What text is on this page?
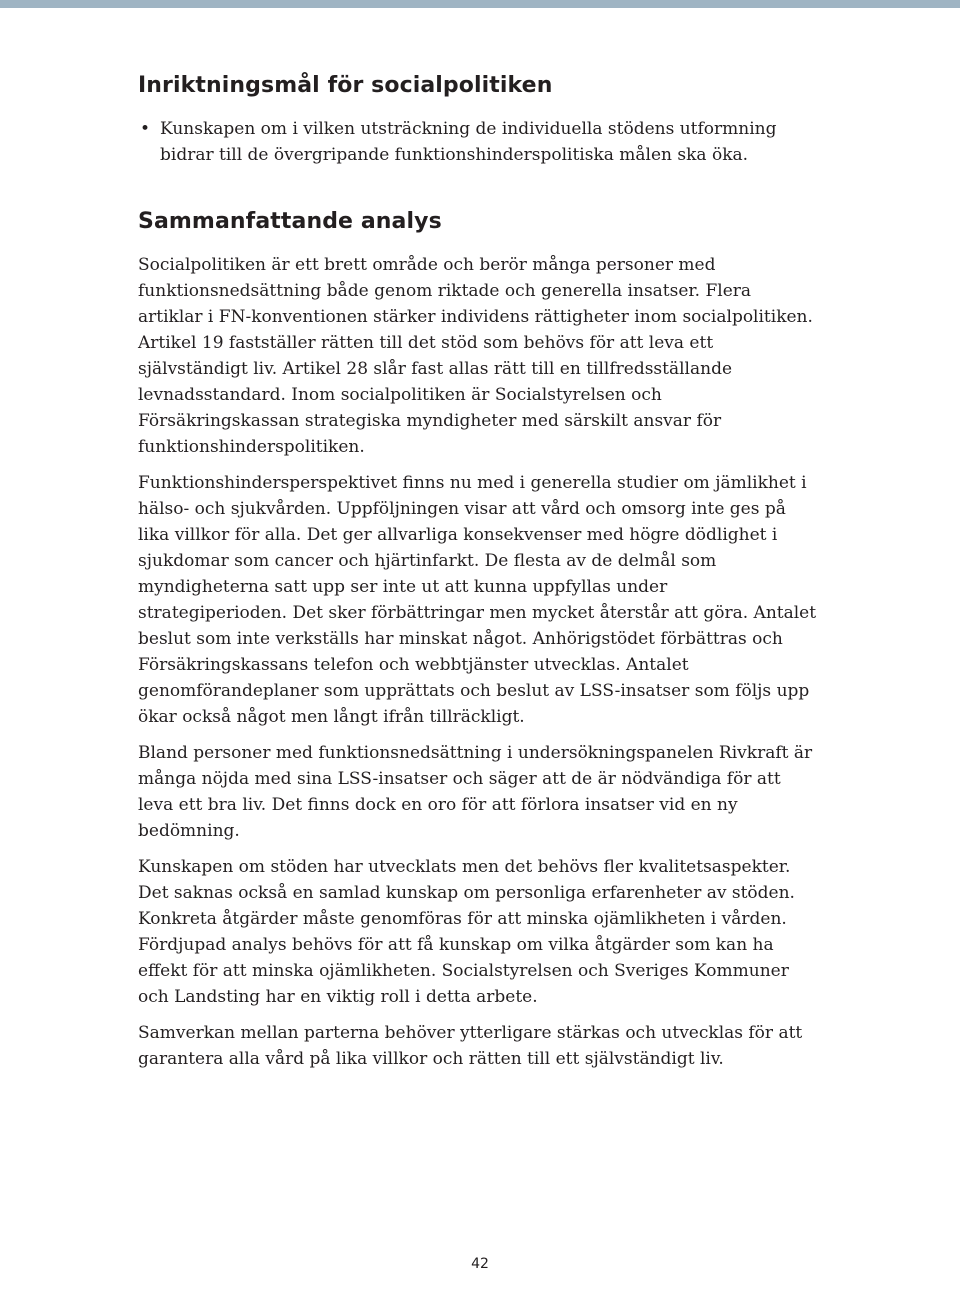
Inriktningsmål för socialpolitiken
• Kunskapen om i vilken utsträckning de individuella stödens utformning bidrar till de övergripande funktionshinderspolitiska målen ska öka.
Sammanfattande analys

Socialpolitiken är ett brett område och berör många personer med funktionsnedsättning både genom riktade och generella insatser. Flera artiklar i FN-konventionen stärker individens rättigheter inom socialpolitiken. Artikel 19 fastställer rätten till det stöd som behövs för att leva ett självständigt liv. Artikel 28 slår fast allas rätt till en tillfredsställande levnadsstandard. Inom socialpolitiken är Socialstyrelsen och Försäkringskassan strategiska myndigheter med särskilt ansvar för funktionshinderspolitiken.

Funktionshindersperspektivet finns nu med i generella studier om jämlikhet i hälso- och sjukvården. Uppföljningen visar att vård och omsorg inte ges på lika villkor för alla. Det ger allvarliga konsekvenser med högre dödlighet i sjukdomar som cancer och hjärtinfarkt. De flesta av de delmål som myndigheterna satt upp ser inte ut att kunna uppfyllas under strategiperioden. Det sker förbättringar men mycket återstår att göra. Antalet beslut som inte verkställs har minskat något. Anhörigstödet förbättras och Försäkringskassans telefon och webbtjänster utvecklas. Antalet genomförandeplaner som upprättats och beslut av LSS-insatser som följs upp ökar också något men långt ifrån tillräckligt.

Bland personer med funktionsnedsättning i undersökningspanelen Rivkraft är många nöjda med sina LSS-insatser och säger att de är nödvändiga för att leva ett bra liv. Det finns dock en oro för att förlora insatser vid en ny bedömning.

Kunskapen om stöden har utvecklats men det behövs fler kvalitetsaspekter. Det saknas också en samlad kunskap om personliga erfarenheter av stöden. Konkreta åtgärder måste genomföras för att minska ojämlikheten i vården. Fördjupad analys behövs för att få kunskap om vilka åtgärder som kan ha effekt för att minska ojämlikheten. Socialstyrelsen och Sveriges Kommuner och Landsting har en viktig roll i detta arbete.

Samverkan mellan parterna behöver ytterligare stärkas och utvecklas för att garantera alla vård på lika villkor och rätten till ett självständigt liv.

42
